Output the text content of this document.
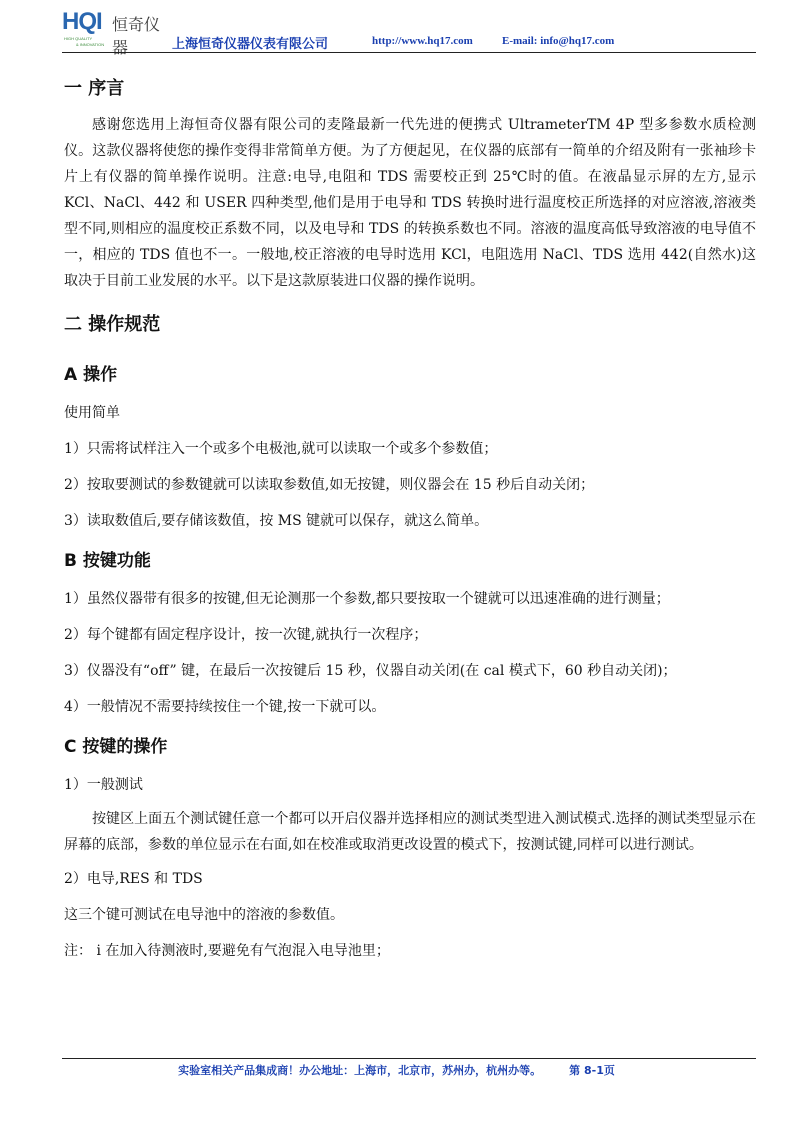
HQI 恒奇仪器
HIGH QUALITY
& INNOVATION	上海恒奇仪器仪表有限公司	http://www.hq17.com	E-mail: info@hq17.com
一 序言

感谢您选用上海恒奇仪器有限公司的麦隆最新一代先进的便携式 UltrameterTM 4P 型多参数水质检测仪。这款仪器将使您的操作变得非常简单方便。为了方便起见，在仪器的底部有一简单的介绍及附有一张袖珍卡片上有仪器的简单操作说明。注意:电导,电阻和 TDS 需要校正到 25℃时的值。在液晶显示屏的左方,显示 KCl、NaCl、442 和 USER 四种类型,他们是用于电导和 TDS 转换时进行温度校正所选择的对应溶液,溶液类型不同,则相应的温度校正系数不同，以及电导和 TDS 的转换系数也不同。溶液的温度高低导致溶液的电导值不一，相应的 TDS 值也不一。一般地,校正溶液的电导时选用 KCl，电阻选用 NaCl、TDS 选用 442(自然水)这取决于目前工业发展的水平。以下是这款原装进口仪器的操作说明。

二 操作规范
A 操作

使用简单

1）只需将试样注入一个或多个电极池,就可以读取一个或多个参数值；

2）按取要测试的参数键就可以读取参数值,如无按键，则仪器会在 15 秒后自动关闭；

3）读取数值后,要存储该数值，按 MS 键就可以保存，就这么简单。

B 按键功能

1）虽然仪器带有很多的按键,但无论测那一个参数,都只要按取一个键就可以迅速准确的进行测量；

2）每个键都有固定程序设计，按一次键,就执行一次程序；

3）仪器没有“off” 键，在最后一次按键后 15 秒，仪器自动关闭(在 cal 模式下，60 秒自动关闭)；

4）一般情况不需要持续按住一个键,按一下就可以。

C 按键的操作

1）一般测试

按键区上面五个测试键任意一个都可以开启仪器并选择相应的测试类型进入测试模式.选择的测试类型显示在屏幕的底部，参数的单位显示在右面,如在校准或取消更改设置的模式下，按测试键,同样可以进行测试。

2）电导,RES 和 TDS

这三个键可测试在电导池中的溶液的参数值。

注： i 在加入待测液时,要避免有气泡混入电导池里；

实验室相关产品集成商！办公地址：上海市，北京市，苏州办，杭州办等。	第 8-1页
